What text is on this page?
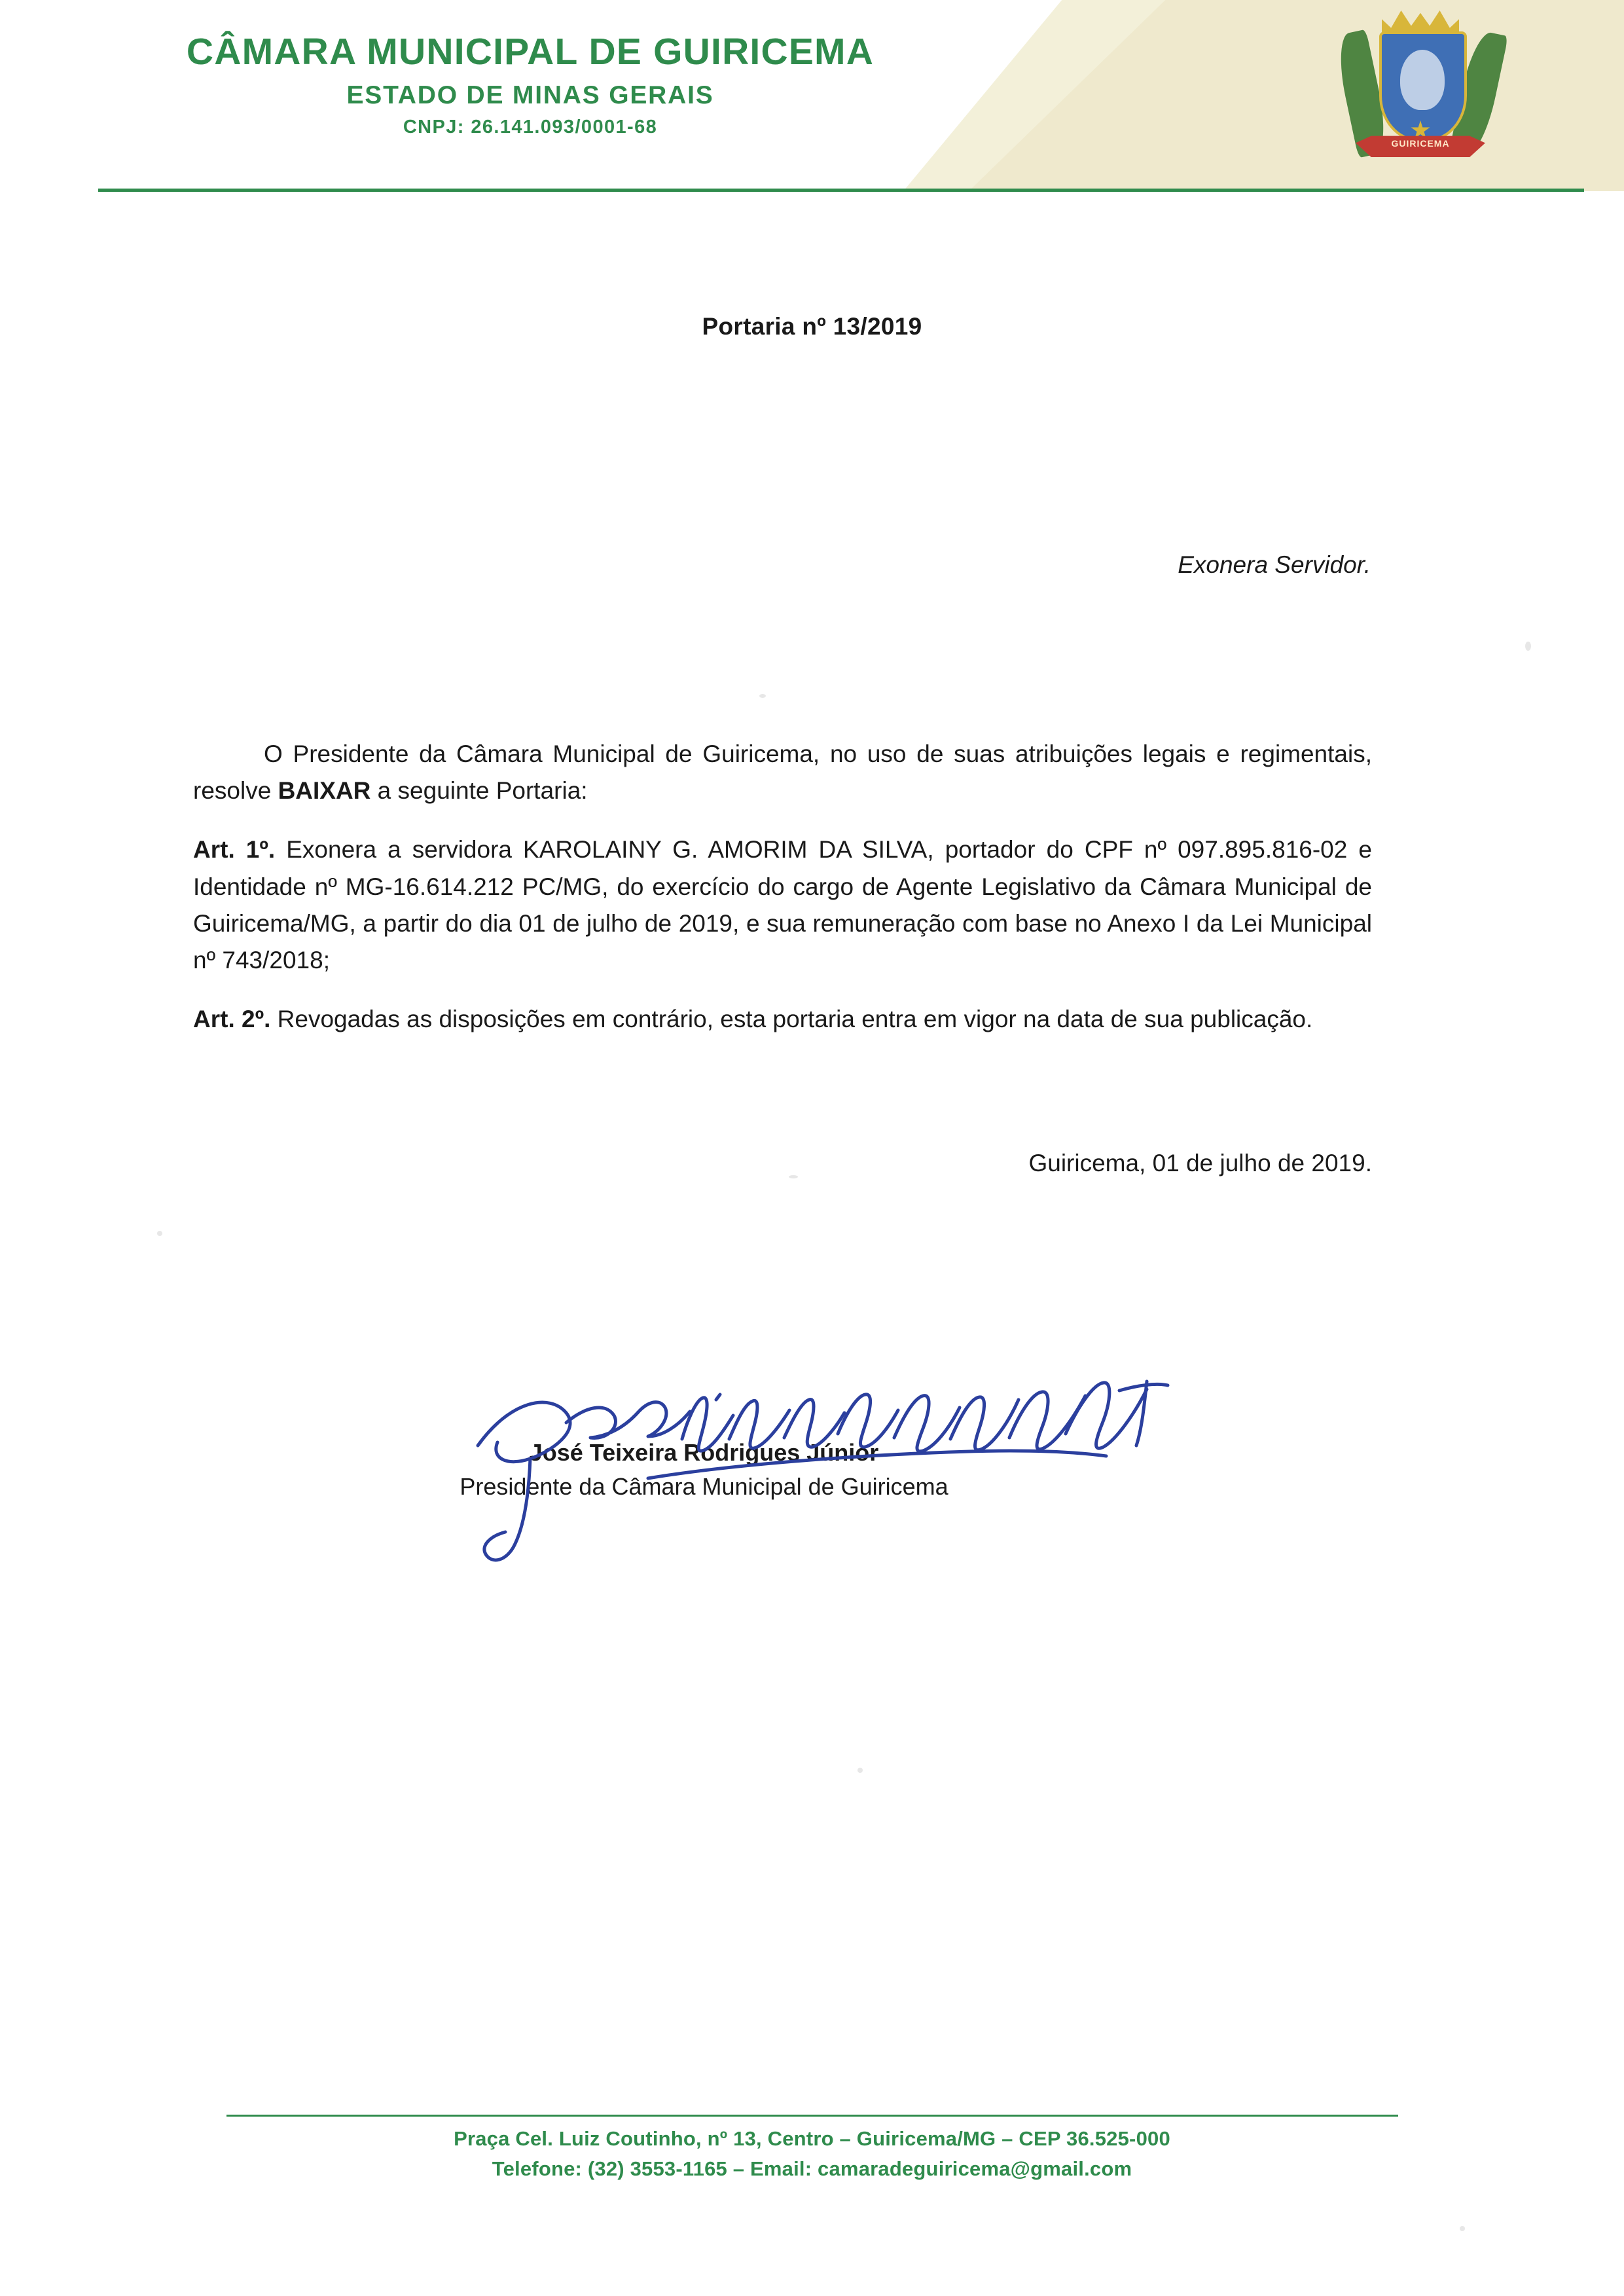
CÂMARA MUNICIPAL DE GUIRICEMA
ESTADO DE MINAS GERAIS
CNPJ: 26.141.093/0001-68
GUIRICEMA
Portaria nº 13/2019
Exonera Servidor.

O Presidente da Câmara Municipal de Guiricema, no uso de suas atribuições legais e regimentais, resolve BAIXAR a seguinte Portaria:

Art. 1º. Exonera a servidora KAROLAINY G. AMORIM DA SILVA, portador do CPF nº 097.895.816-02 e Identidade nº MG-16.614.212 PC/MG, do exercício do cargo de Agente Legislativo da Câmara Municipal de Guiricema/MG, a partir do dia 01 de julho de 2019, e sua remuneração com base no Anexo I da Lei Municipal nº 743/2018;

Art. 2º. Revogadas as disposições em contrário, esta portaria entra em vigor na data de sua publicação.

Guiricema, 01 de julho de 2019.
José Teixeira Rodrigues Júnior
Presidente da Câmara Municipal de Guiricema
Praça Cel. Luiz Coutinho, nº 13, Centro – Guiricema/MG – CEP 36.525-000
Telefone: (32) 3553-1165 – Email: camaradeguiricema@gmail.com
